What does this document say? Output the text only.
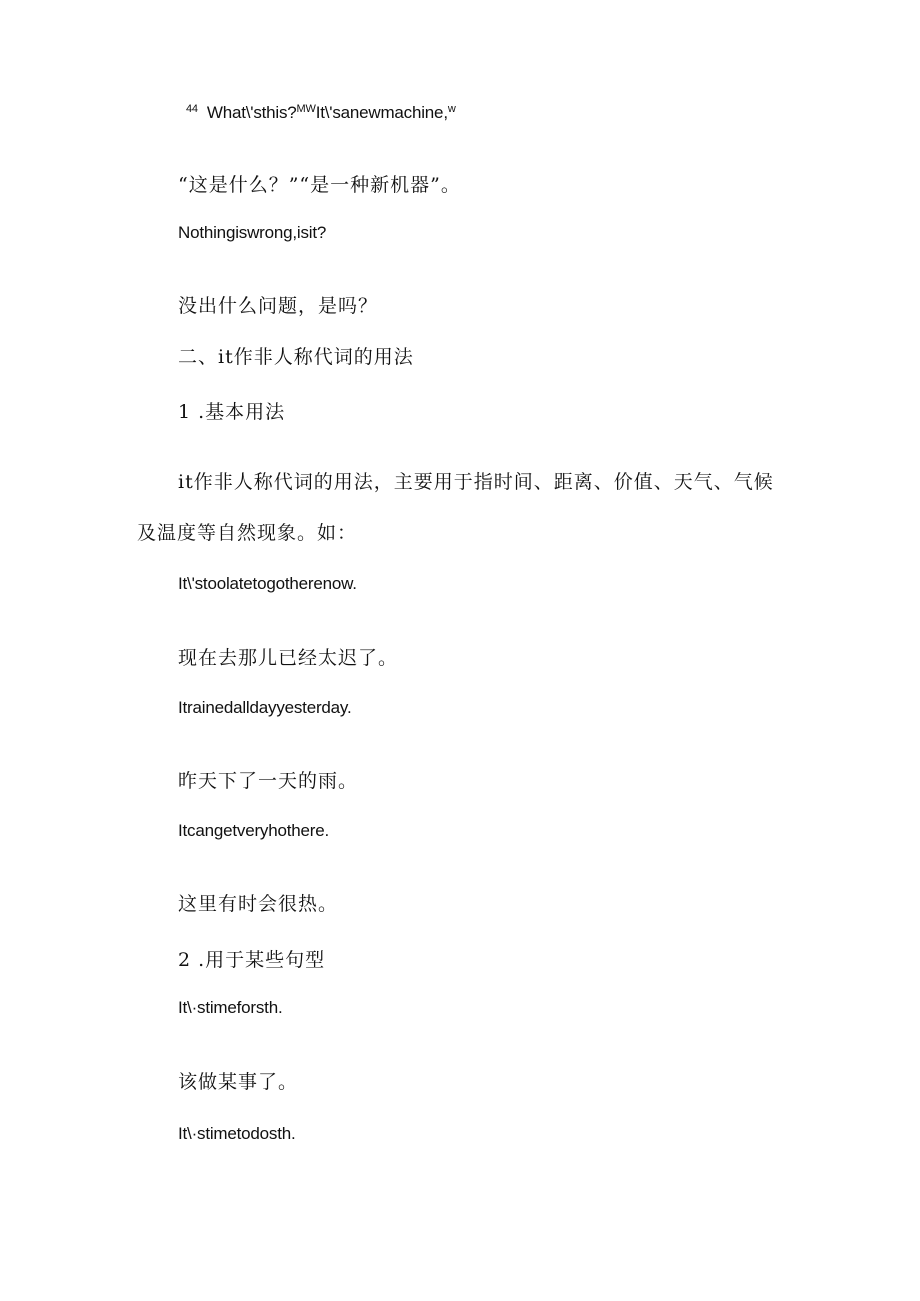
$^{44}$ What\'sthis?$^{MW}$It\'sanewmachine,$^w$

“这是什么？”“是一种新机器”。

Nothingiswrong,isit?

没出什么问题，是吗？

二、it作非人称代词的用法

1 .基本用法

it作非人称代词的用法，主要用于指时间、距离、价值、天气、气候

及温度等自然现象。如：

It\'stoolatetogotherenow.

现在去那儿已经太迟了。

Itrainedalldayyesterday.

昨天下了一天的雨。

Itcangetveryhothere.

这里有时会很热。

2 .用于某些句型

It\·stimeforsth.

该做某事了。

It\·stimetodosth.
